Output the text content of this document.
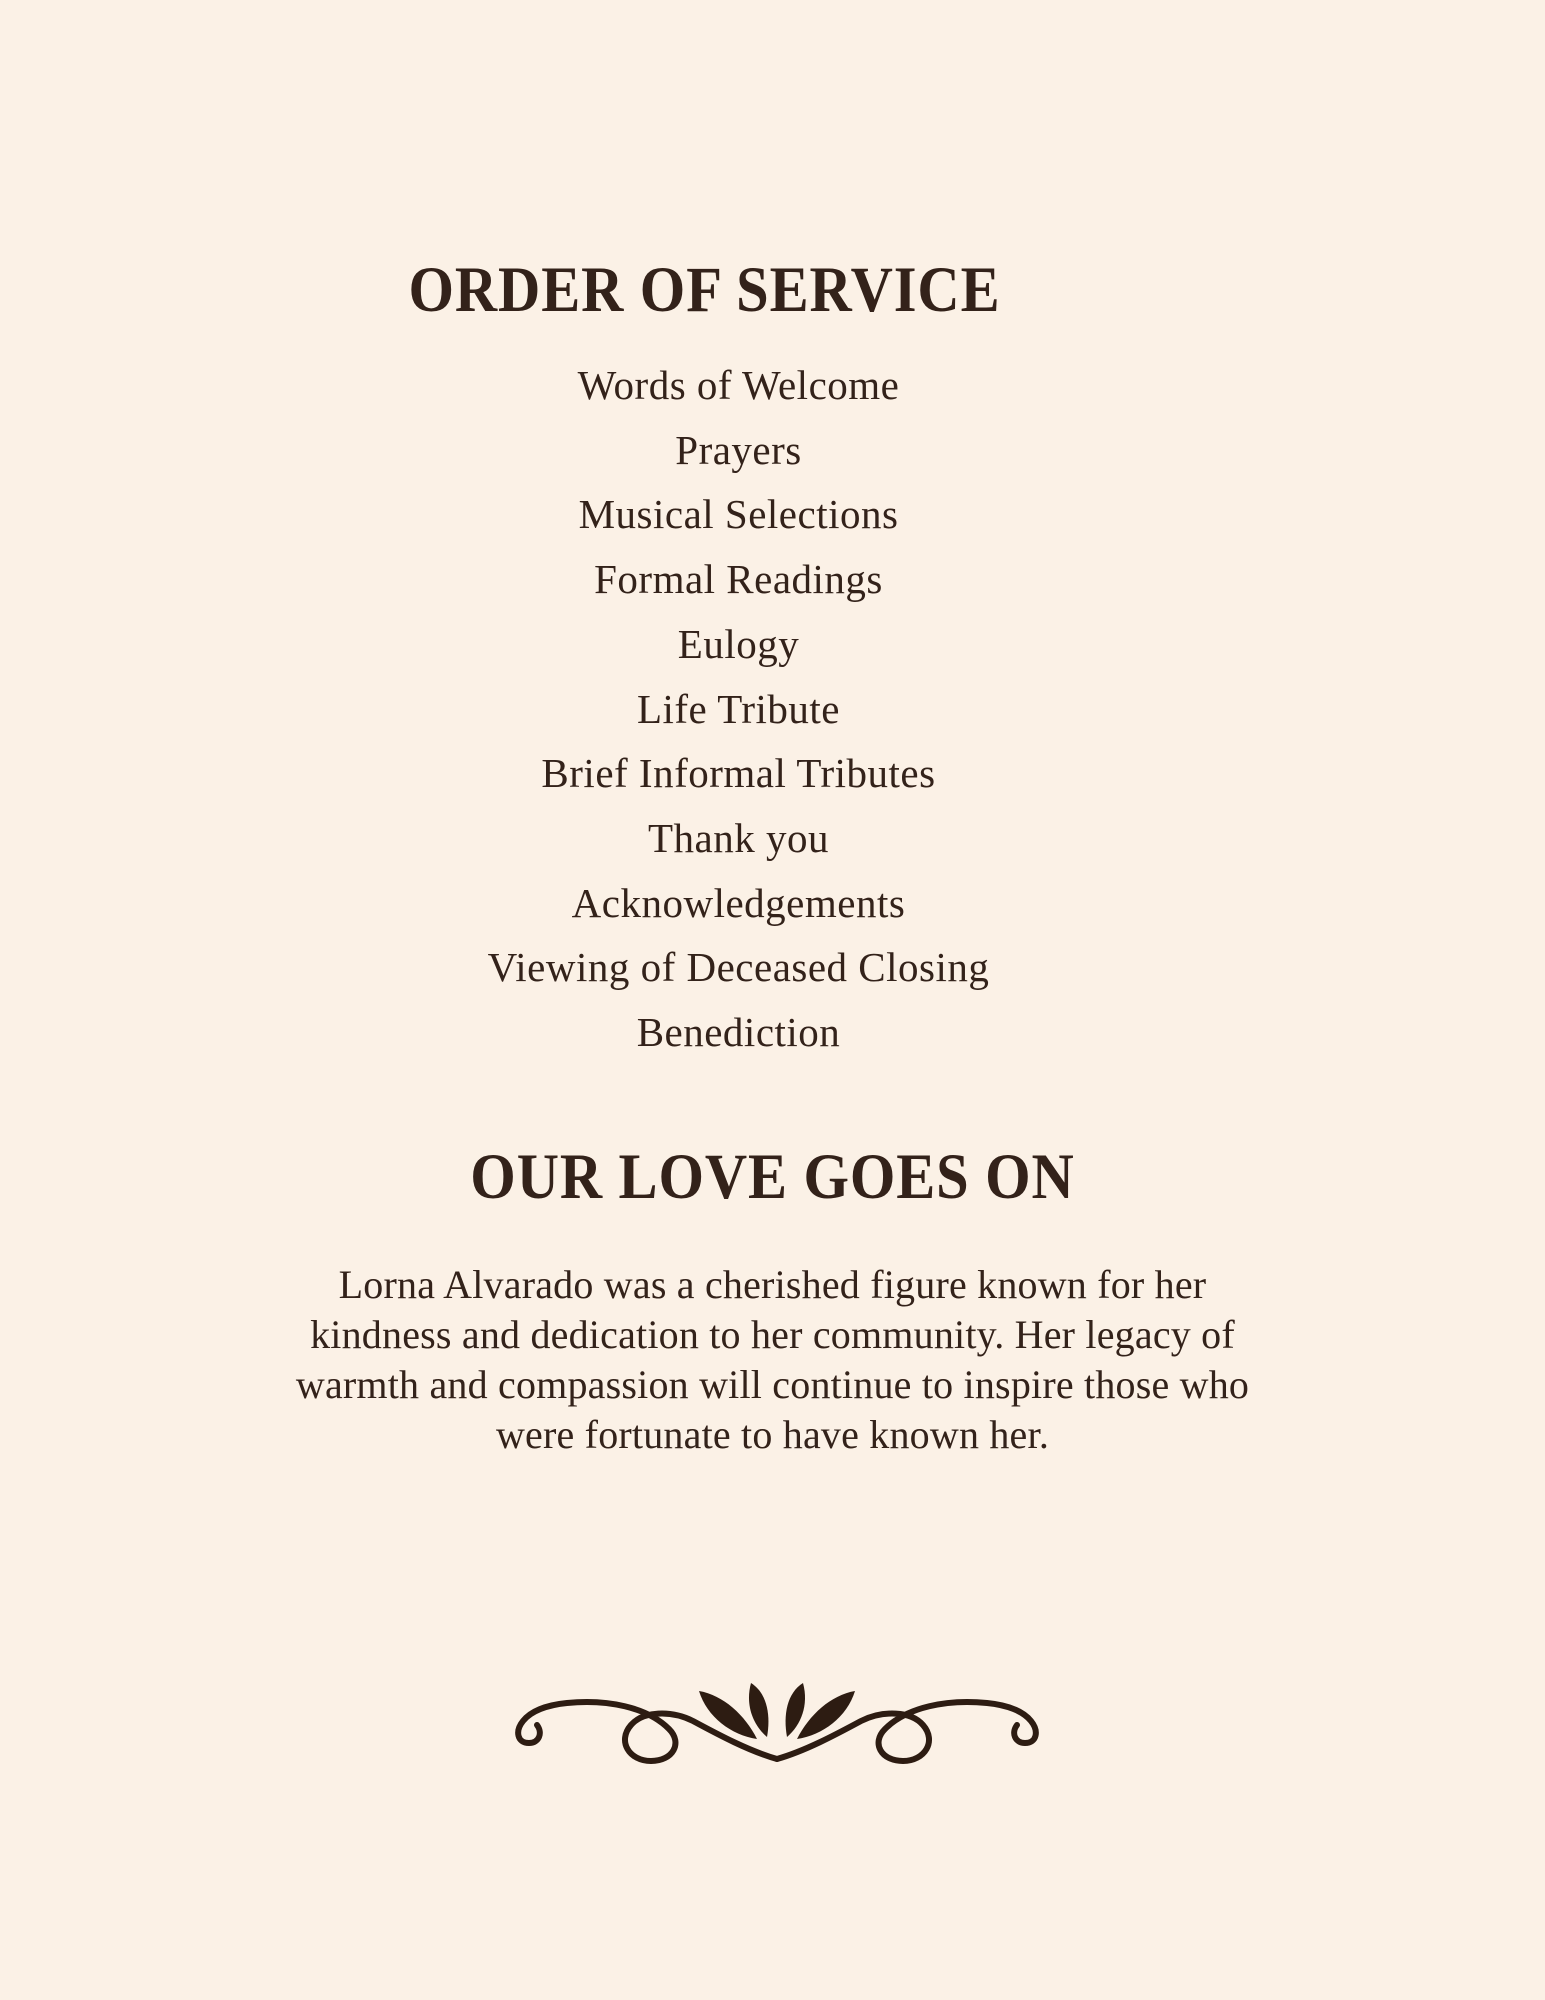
ORDER OF SERVICE
Words of Welcome
Prayers
Musical Selections
Formal Readings
Eulogy
Life Tribute
Brief Informal Tributes
Thank you
Acknowledgements
Viewing of Deceased Closing
Benediction
OUR LOVE GOES ON

Lorna Alvarado was a cherished figure known for her kindness and dedication to her community. Her legacy of warmth and compassion will continue to inspire those who were fortunate to have known her.
